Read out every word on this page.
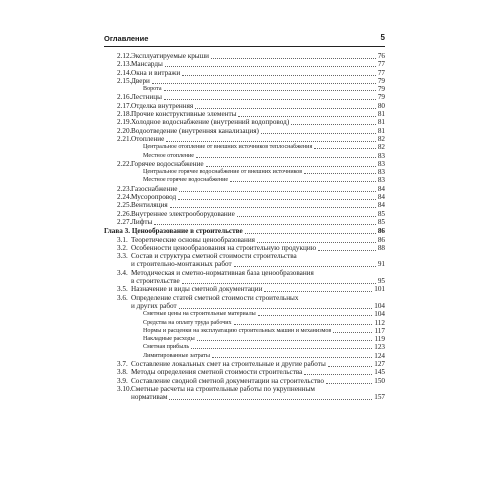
Оглавление	5
2.12. Эксплуатируемые крыши	76
2.13. Мансарды	77
2.14. Окна и витражи	77
2.15. Двери	79
Ворота	79
2.16. Лестницы	79
2.17. Отделка внутренняя	80
2.18. Прочие конструктивные элементы	81
2.19. Холодное водоснабжение (внутренний водопровод)	81
2.20. Водоотведение (внутренняя канализация)	81
2.21. Отопление	82
Центральное отопление от внешних источников теплоснабжения	82
Местное отопление	83
2.22. Горячее водоснабжение	83
Центральное горячее водоснабжение от внешних источников	83
Местное горячее водоснабжение	83
2.23. Газоснабжение	84
2.24. Мусоропровод	84
2.25. Вентиляция	84
2.26. Внутреннее электрооборудование	85
2.27. Лифты	85
Глава 3. Ценообразование в строительстве	86
3.1. Теоретические основы ценообразования	86
3.2. Особенности ценообразования на строительную продукцию	88
3.3. Состав и структура сметной стоимости строительства
и строительно-монтажных работ	91
3.4. Методическая и сметно-нормативная база ценообразования
в строительстве	95
3.5. Назначение и виды сметной документации	101
3.6. Определение статей сметной стоимости строительных
и других работ	104
Сметные цены на строительные материалы	104
Средства на оплату труда рабочих	112
Нормы и расценки на эксплуатацию строительных машин и механизмов	117
Накладные расходы	119
Сметная прибыль	123
Лимитированные затраты	124
3.7. Составление локальных смет на строительные и другие работы	127
3.8. Методы определения сметной стоимости строительства	145
3.9. Составление сводной сметной документации на строительство	150
3.10. Сметные расчеты на строительные работы по укрупненным
нормативам	157
